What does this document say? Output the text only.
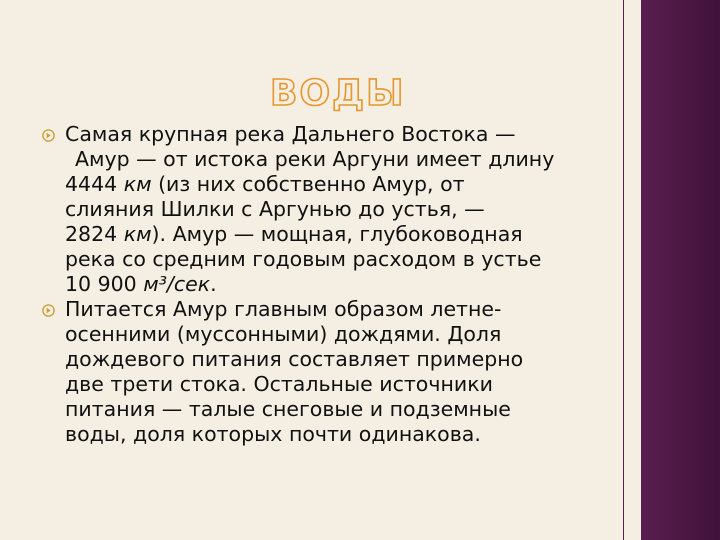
ВОДЫ
Самая крупная река Дальнего Востока —
Амур — от истока реки Аргуни имеет длину
4444 км (из них собственно Амур, от
слияния Шилки с Аргунью до устья, —
2824 км). Амур — мощная, глубоководная
река со средним годовым расходом в устье
10 900 м³/сек.
Питается Амур главным образом летне-
осенними (муссонными) дождями. Доля
дождевого питания составляет примерно
две трети стока. Остальные источники
питания — талые снеговые и подземные
воды, доля которых почти одинакова.
